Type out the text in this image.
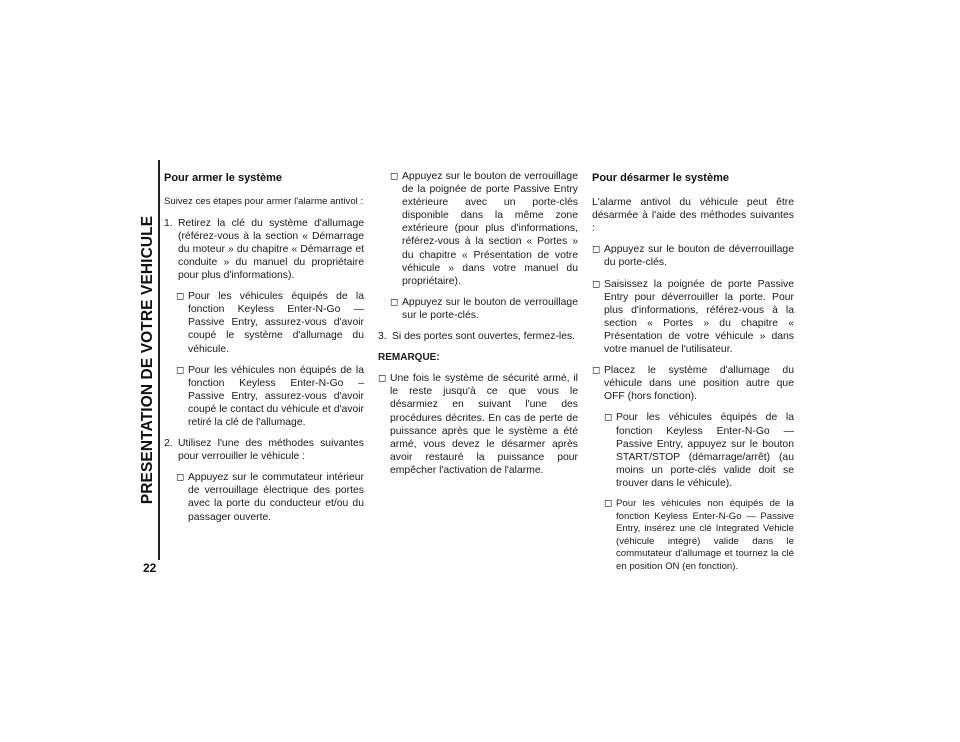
PRESENTATION DE VOTRE VEHICULE
22
Pour armer le système

Suivez ces étapes pour armer l'alarme antivol :

1. Retirez la clé du système d'allumage (référez-vous à la section « Démarrage du moteur » du chapitre « Démarrage et conduite » du manuel du propriétaire pour plus d'informations).
◻ Pour les véhicules équipés de la fonction Keyless Enter-N-Go — Passive Entry, assurez-vous d'avoir coupé le système d'allumage du véhicule.
◻ Pour les véhicules non équipés de la fonction Keyless Enter-N-Go – Passive Entry, assurez-vous d'avoir coupé le contact du véhicule et d'avoir retiré la clé de l'allumage.
2. Utilisez l'une des méthodes suivantes pour verrouiller le véhicule :
◻ Appuyez sur le commutateur intérieur de verrouillage électrique des portes avec la porte du conducteur et/ou du passager ouverte.
◻ Appuyez sur le bouton de verrouillage de la poignée de porte Passive Entry extérieure avec un porte-clés disponible dans la même zone extérieure (pour plus d'informations, référez-vous à la section « Portes » du chapitre « Présentation de votre véhicule » dans votre manuel du propriétaire).
◻ Appuyez sur le bouton de verrouillage sur le porte-clés.
3. Si des portes sont ouvertes, fermez-les.
REMARQUE:
◻ Une fois le système de sécurité armé, il le reste jusqu'à ce que vous le désarmiez en suivant l'une des procédures décrites. En cas de perte de puissance après que le système a été armé, vous devez le désarmer après avoir restauré la puissance pour empêcher l'activation de l'alarme.
Pour désarmer le système

L'alarme antivol du véhicule peut être désarmée à l'aide des méthodes suivantes :

◻ Appuyez sur le bouton de déverrouillage du porte-clés.
◻ Saisissez la poignée de porte Passive Entry pour déverrouiller la porte. Pour plus d'informations, référez-vous à la section « Portes » du chapitre « Présentation de votre véhicule » dans votre manuel de l'utilisateur.
◻ Placez le système d'allumage du véhicule dans une position autre que OFF (hors fonction).
◻ Pour les véhicules équipés de la fonction Keyless Enter-N-Go — Passive Entry, appuyez sur le bouton START/STOP (démarrage/arrêt) (au moins un porte-clés valide doit se trouver dans le véhicule).
◻ Pour les véhicules non équipés de la fonction Keyless Enter-N-Go — Passive Entry, insérez une clé Integrated Vehicle (véhicule intégré) valide dans le commutateur d'allumage et tournez la clé en position ON (en fonction).
